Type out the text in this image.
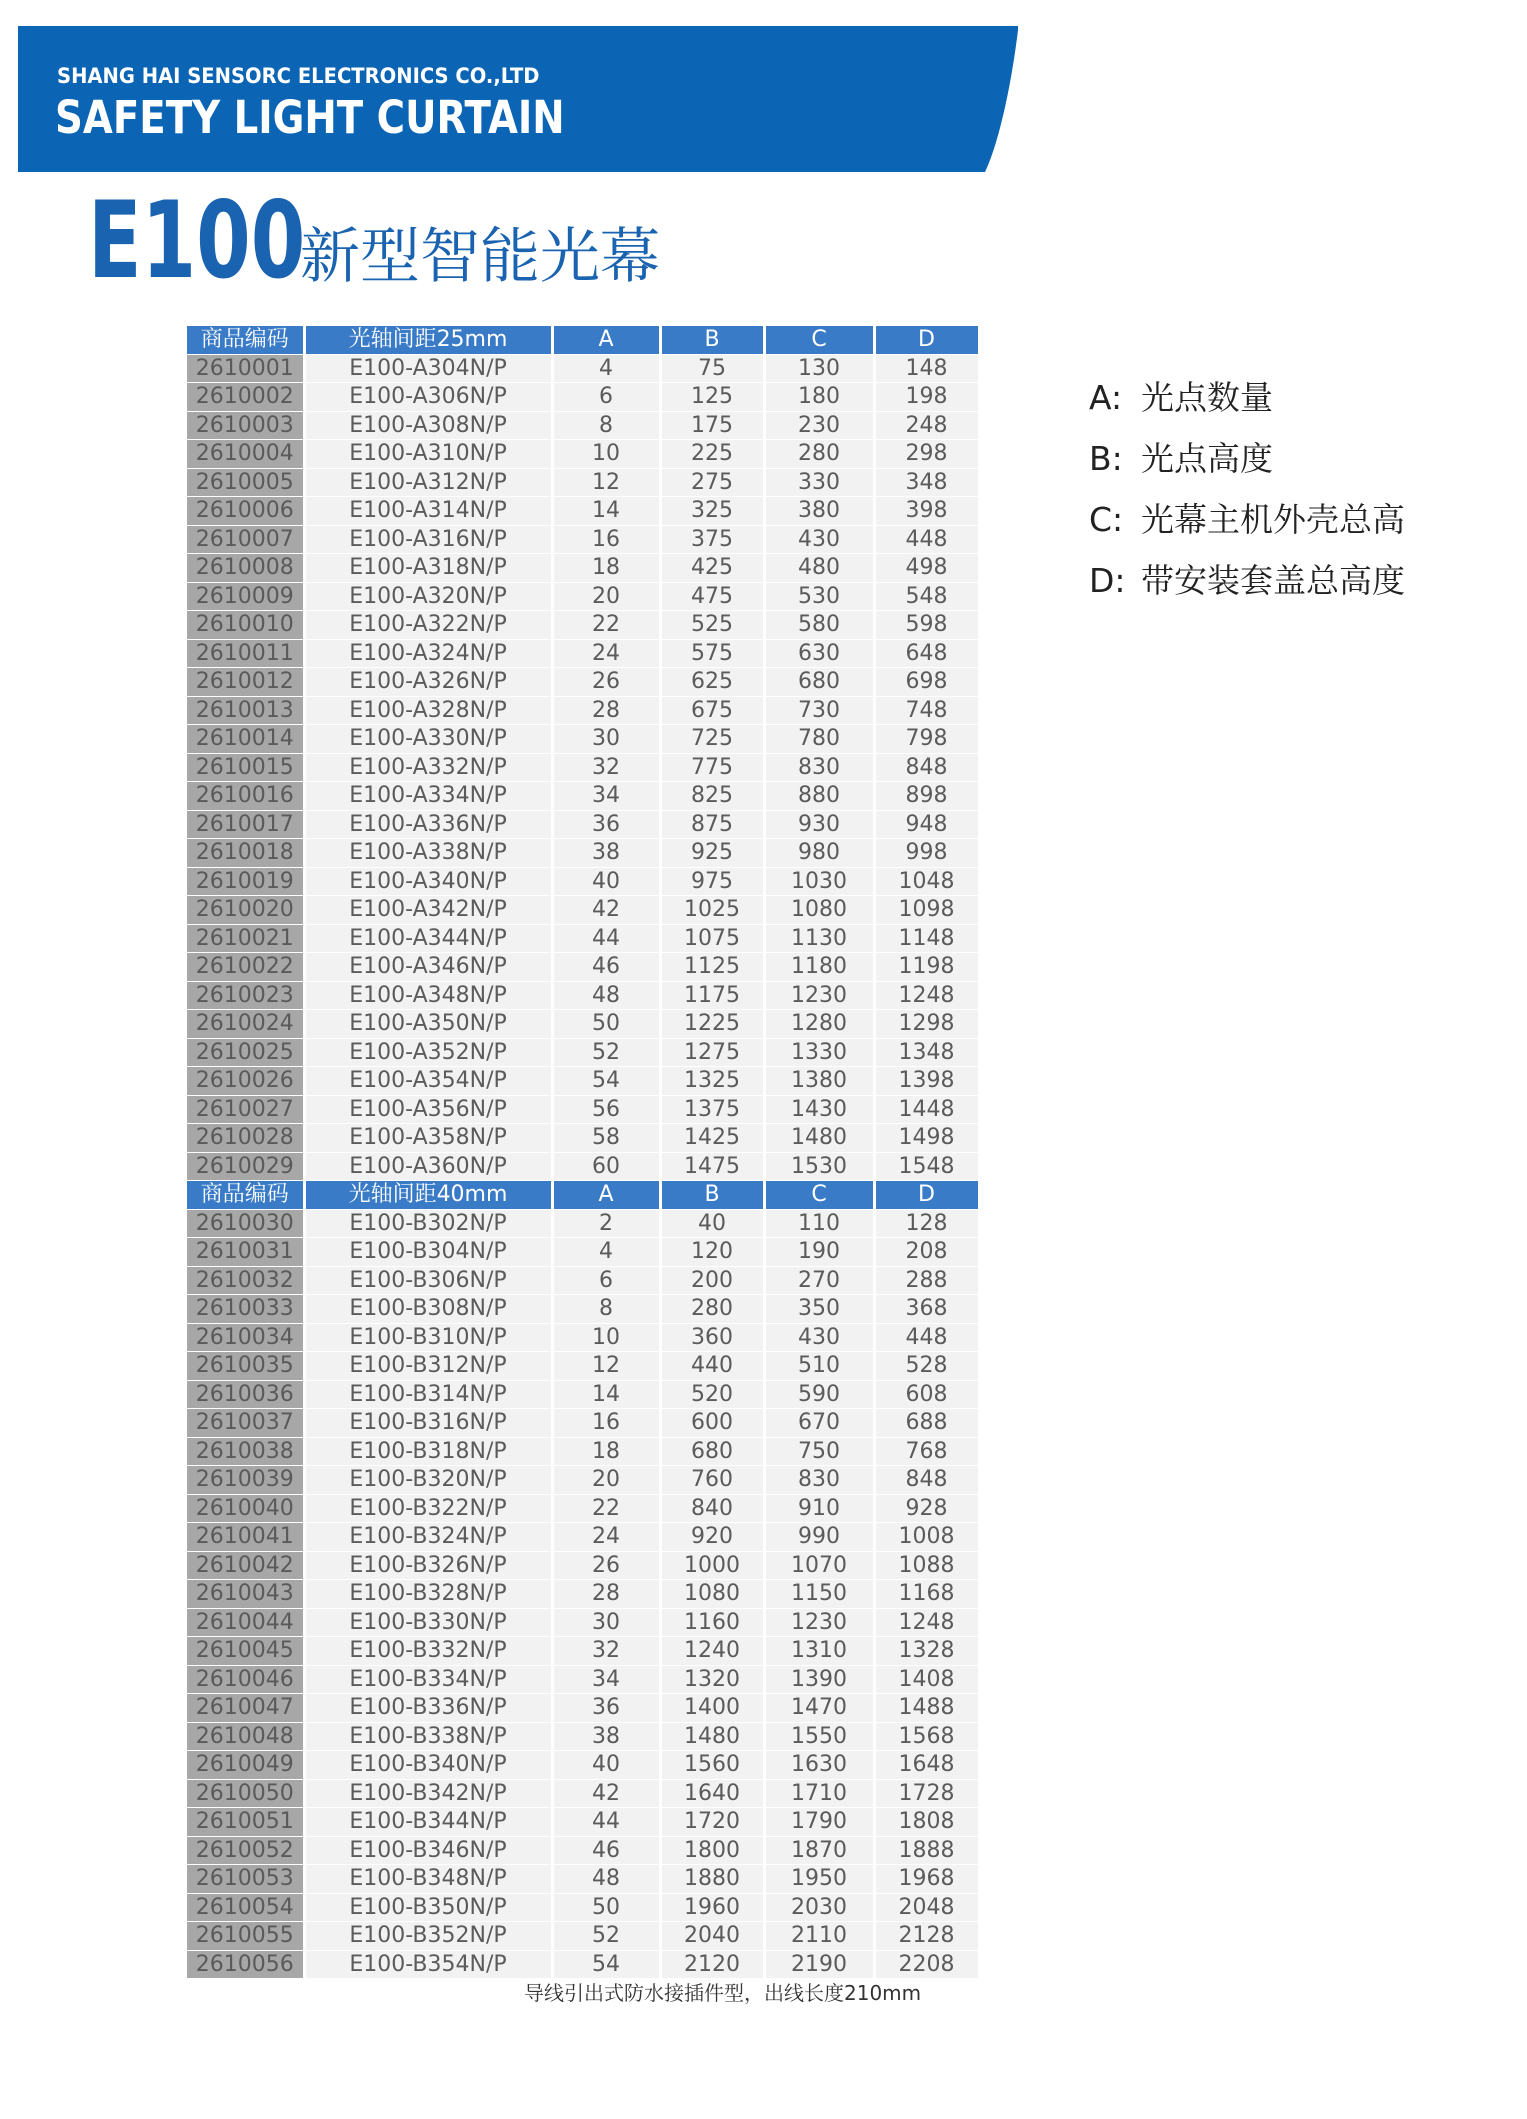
SHANG HAI SENSORC ELECTRONICS CO.,LTD
SAFETY LIGHT CURTAIN
E100
新型智能光幕
商品编码	光轴间距25mm	A	B	C	D
2610001	E100-A304N/P	4	75	130	148
2610002	E100-A306N/P	6	125	180	198
2610003	E100-A308N/P	8	175	230	248
2610004	E100-A310N/P	10	225	280	298
2610005	E100-A312N/P	12	275	330	348
2610006	E100-A314N/P	14	325	380	398
2610007	E100-A316N/P	16	375	430	448
2610008	E100-A318N/P	18	425	480	498
2610009	E100-A320N/P	20	475	530	548
2610010	E100-A322N/P	22	525	580	598
2610011	E100-A324N/P	24	575	630	648
2610012	E100-A326N/P	26	625	680	698
2610013	E100-A328N/P	28	675	730	748
2610014	E100-A330N/P	30	725	780	798
2610015	E100-A332N/P	32	775	830	848
2610016	E100-A334N/P	34	825	880	898
2610017	E100-A336N/P	36	875	930	948
2610018	E100-A338N/P	38	925	980	998
2610019	E100-A340N/P	40	975	1030	1048
2610020	E100-A342N/P	42	1025	1080	1098
2610021	E100-A344N/P	44	1075	1130	1148
2610022	E100-A346N/P	46	1125	1180	1198
2610023	E100-A348N/P	48	1175	1230	1248
2610024	E100-A350N/P	50	1225	1280	1298
2610025	E100-A352N/P	52	1275	1330	1348
2610026	E100-A354N/P	54	1325	1380	1398
2610027	E100-A356N/P	56	1375	1430	1448
2610028	E100-A358N/P	58	1425	1480	1498
2610029	E100-A360N/P	60	1475	1530	1548
商品编码	光轴间距40mm	A	B	C	D
2610030	E100-B302N/P	2	40	110	128
2610031	E100-B304N/P	4	120	190	208
2610032	E100-B306N/P	6	200	270	288
2610033	E100-B308N/P	8	280	350	368
2610034	E100-B310N/P	10	360	430	448
2610035	E100-B312N/P	12	440	510	528
2610036	E100-B314N/P	14	520	590	608
2610037	E100-B316N/P	16	600	670	688
2610038	E100-B318N/P	18	680	750	768
2610039	E100-B320N/P	20	760	830	848
2610040	E100-B322N/P	22	840	910	928
2610041	E100-B324N/P	24	920	990	1008
2610042	E100-B326N/P	26	1000	1070	1088
2610043	E100-B328N/P	28	1080	1150	1168
2610044	E100-B330N/P	30	1160	1230	1248
2610045	E100-B332N/P	32	1240	1310	1328
2610046	E100-B334N/P	34	1320	1390	1408
2610047	E100-B336N/P	36	1400	1470	1488
2610048	E100-B338N/P	38	1480	1550	1568
2610049	E100-B340N/P	40	1560	1630	1648
2610050	E100-B342N/P	42	1640	1710	1728
2610051	E100-B344N/P	44	1720	1790	1808
2610052	E100-B346N/P	46	1800	1870	1888
2610053	E100-B348N/P	48	1880	1950	1968
2610054	E100-B350N/P	50	1960	2030	2048
2610055	E100-B352N/P	52	2040	2110	2128
2610056	E100-B354N/P	54	2120	2190	2208
A: 光点数量
B: 光点高度
C: 光幕主机外壳总高
D: 带安装套盖总高度
导线引出式防水接插件型，出线长度210mm
